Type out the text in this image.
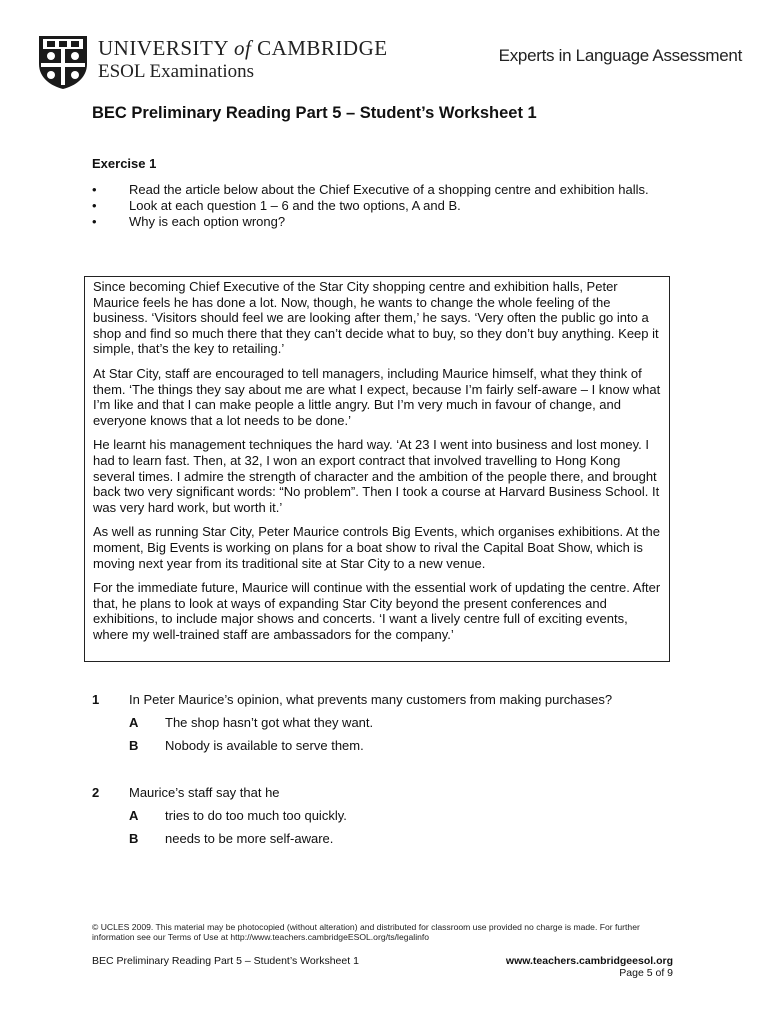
UNIVERSITY of CAMBRIDGE
ESOL Examinations
Experts in Language Assessment
BEC Preliminary Reading Part 5 – Student’s Worksheet 1
Exercise 1
• Read the article below about the Chief Executive of a shopping centre and exhibition halls.
• Look at each question 1 – 6 and the two options, A and B.
• Why is each option wrong?

Since becoming Chief Executive of the Star City shopping centre and exhibition halls, Peter Maurice feels he has done a lot. Now, though, he wants to change the whole feeling of the business. ‘Visitors should feel we are looking after them,’ he says. ‘Very often the public go into a shop and find so much there that they can’t decide what to buy, so they don’t buy anything. Keep it simple, that’s the key to retailing.’

At Star City, staff are encouraged to tell managers, including Maurice himself, what they think of them. ‘The things they say about me are what I expect, because I’m fairly self-aware – I know what I’m like and that I can make people a little angry. But I’m very much in favour of change, and everyone knows that a lot needs to be done.’

He learnt his management techniques the hard way. ‘At 23 I went into business and lost money. I had to learn fast. Then, at 32, I won an export contract that involved travelling to Hong Kong several times. I admire the strength of character and the ambition of the people there, and brought back two very significant words: “No problem”. Then I took a course at Harvard Business School. It was very hard work, but worth it.’

As well as running Star City, Peter Maurice controls Big Events, which organises exhibitions. At the moment, Big Events is working on plans for a boat show to rival the Capital Boat Show, which is moving next year from its traditional site at Star City to a new venue.

For the immediate future, Maurice will continue with the essential work of updating the centre. After that, he plans to look at ways of expanding Star City beyond the present conferences and exhibitions, to include major shows and concerts. ‘I want a lively centre full of exciting events, where my well-trained staff are ambassadors for the company.’

1 In Peter Maurice’s opinion, what prevents many customers from making purchases?
A The shop hasn’t got what they want.
B Nobody is available to serve them.
2 Maurice’s staff say that he
A tries to do too much too quickly.
B needs to be more self-aware.
© UCLES 2009. This material may be photocopied (without alteration) and distributed for classroom use provided no charge is made. For further information see our Terms of Use at http://www.teachers.cambridgeESOL.org/ts/legalinfo
BEC Preliminary Reading Part 5 – Student’s Worksheet 1	www.teachers.cambridgeesol.org
Page 5 of 9
